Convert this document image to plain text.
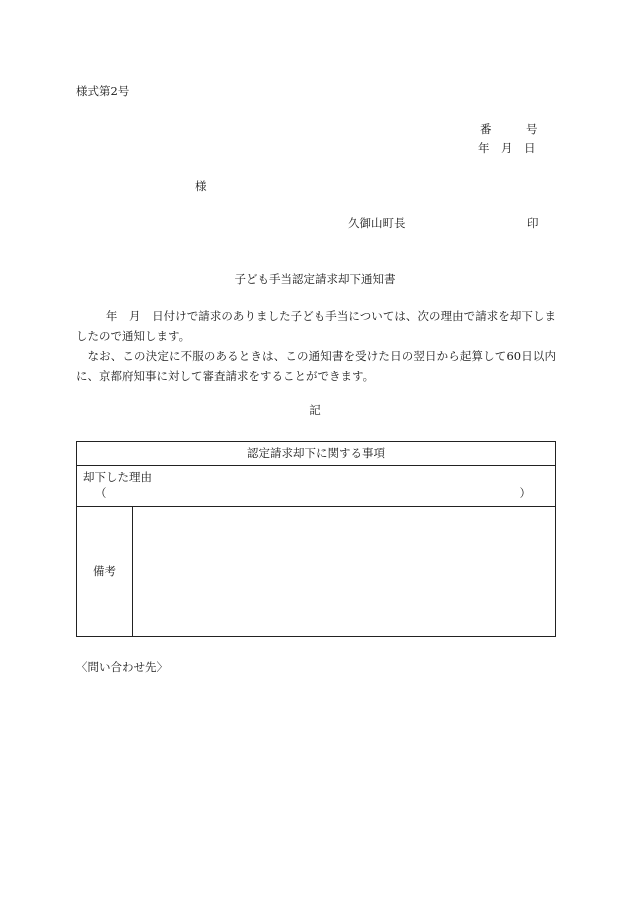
様式第2号
番　　　号
年　月　日
様
久御山町長	印
子ども手当認定請求却下通知書
年　月　日付けで請求のありました子ども手当については、次の理由で請求を却下しましたので通知します。
なお、この決定に不服のあるときは、この通知書を受けた日の翌日から起算して60日以内に、京都府知事に対して審査請求をすることができます。
記
認定請求却下に関する事項
却下した理由
（	）
備考
〈問い合わせ先〉
